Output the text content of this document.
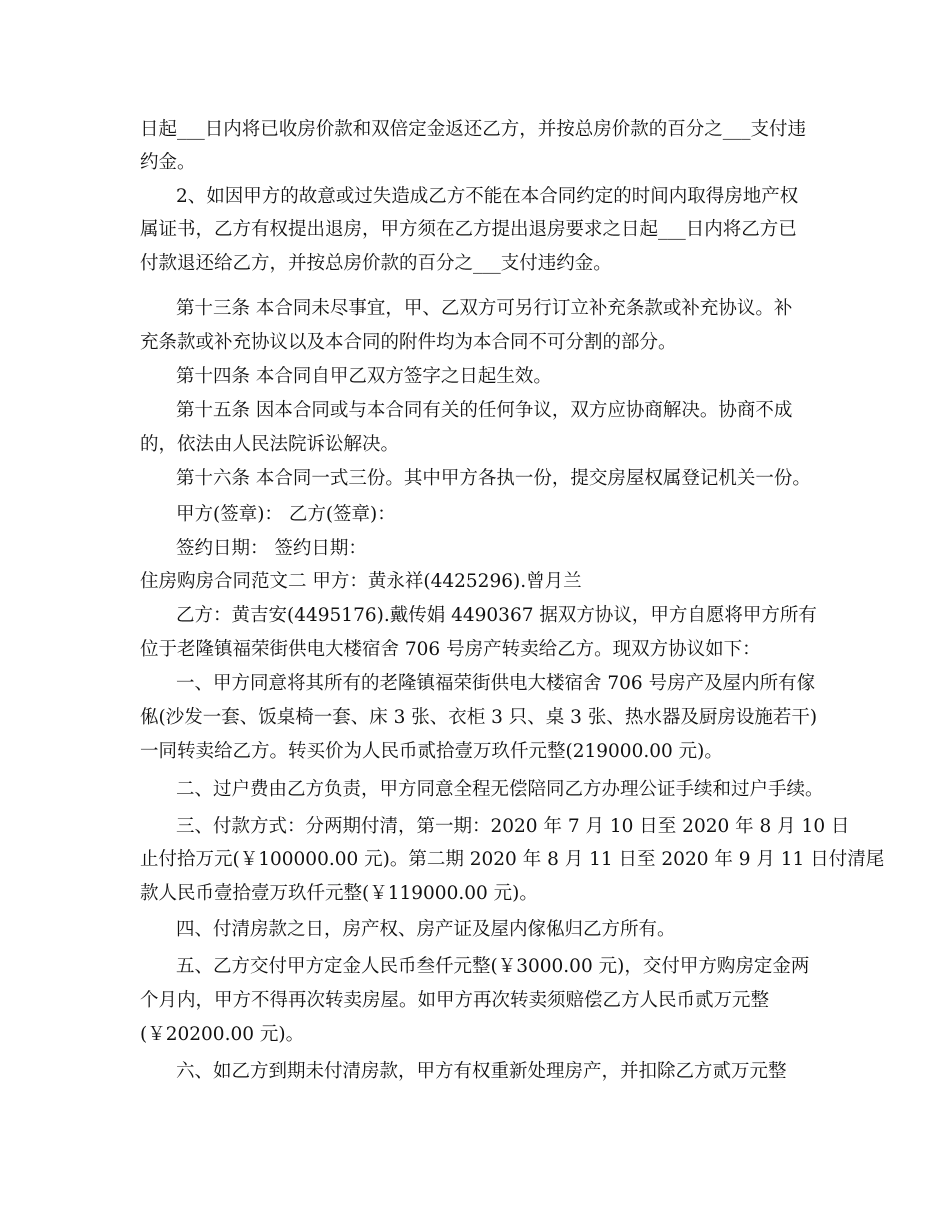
日起___日内将已收房价款和双倍定金返还乙方，并按总房价款的百分之___支付违
约金。
2、如因甲方的故意或过失造成乙方不能在本合同约定的时间内取得房地产权
属证书，乙方有权提出退房，甲方须在乙方提出退房要求之日起___日内将乙方已
付款退还给乙方，并按总房价款的百分之___支付违约金。
第十三条 本合同未尽事宜，甲、乙双方可另行订立补充条款或补充协议。补
充条款或补充协议以及本合同的附件均为本合同不可分割的部分。
第十四条 本合同自甲乙双方签字之日起生效。
第十五条 因本合同或与本合同有关的任何争议，双方应协商解决。协商不成
的，依法由人民法院诉讼解决。
第十六条 本合同一式三份。其中甲方各执一份，提交房屋权属登记机关一份。
甲方(签章)： 乙方(签章)：
签约日期： 签约日期：
住房购房合同范文二 甲方：黄永祥(4425296).曾月兰
乙方：黄吉安(4495176).戴传娟 4490367 据双方协议，甲方自愿将甲方所有
位于老隆镇福荣街供电大楼宿舍 706 号房产转卖给乙方。现双方协议如下：
一、甲方同意将其所有的老隆镇福荣街供电大楼宿舍 706 号房产及屋内所有傢
俬(沙发一套、饭桌椅一套、床 3 张、衣柜 3 只、桌 3 张、热水器及厨房设施若干)
一同转卖给乙方。转买价为人民币贰拾壹万玖仟元整(219000.00 元)。
二、过户费由乙方负责，甲方同意全程无偿陪同乙方办理公证手续和过户手续。
三、付款方式：分两期付清，第一期：2020 年 7 月 10 日至 2020 年 8 月 10 日
止付拾万元(￥100000.00 元)。第二期 2020 年 8 月 11 日至 2020 年 9 月 11 日付清尾
款人民币壹拾壹万玖仟元整(￥119000.00 元)。
四、付清房款之日，房产权、房产证及屋内傢俬归乙方所有。
五、乙方交付甲方定金人民币叁仟元整(￥3000.00 元)，交付甲方购房定金两
个月内，甲方不得再次转卖房屋。如甲方再次转卖须赔偿乙方人民币贰万元整
(￥20200.00 元)。
六、如乙方到期未付清房款，甲方有权重新处理房产，并扣除乙方贰万元整
